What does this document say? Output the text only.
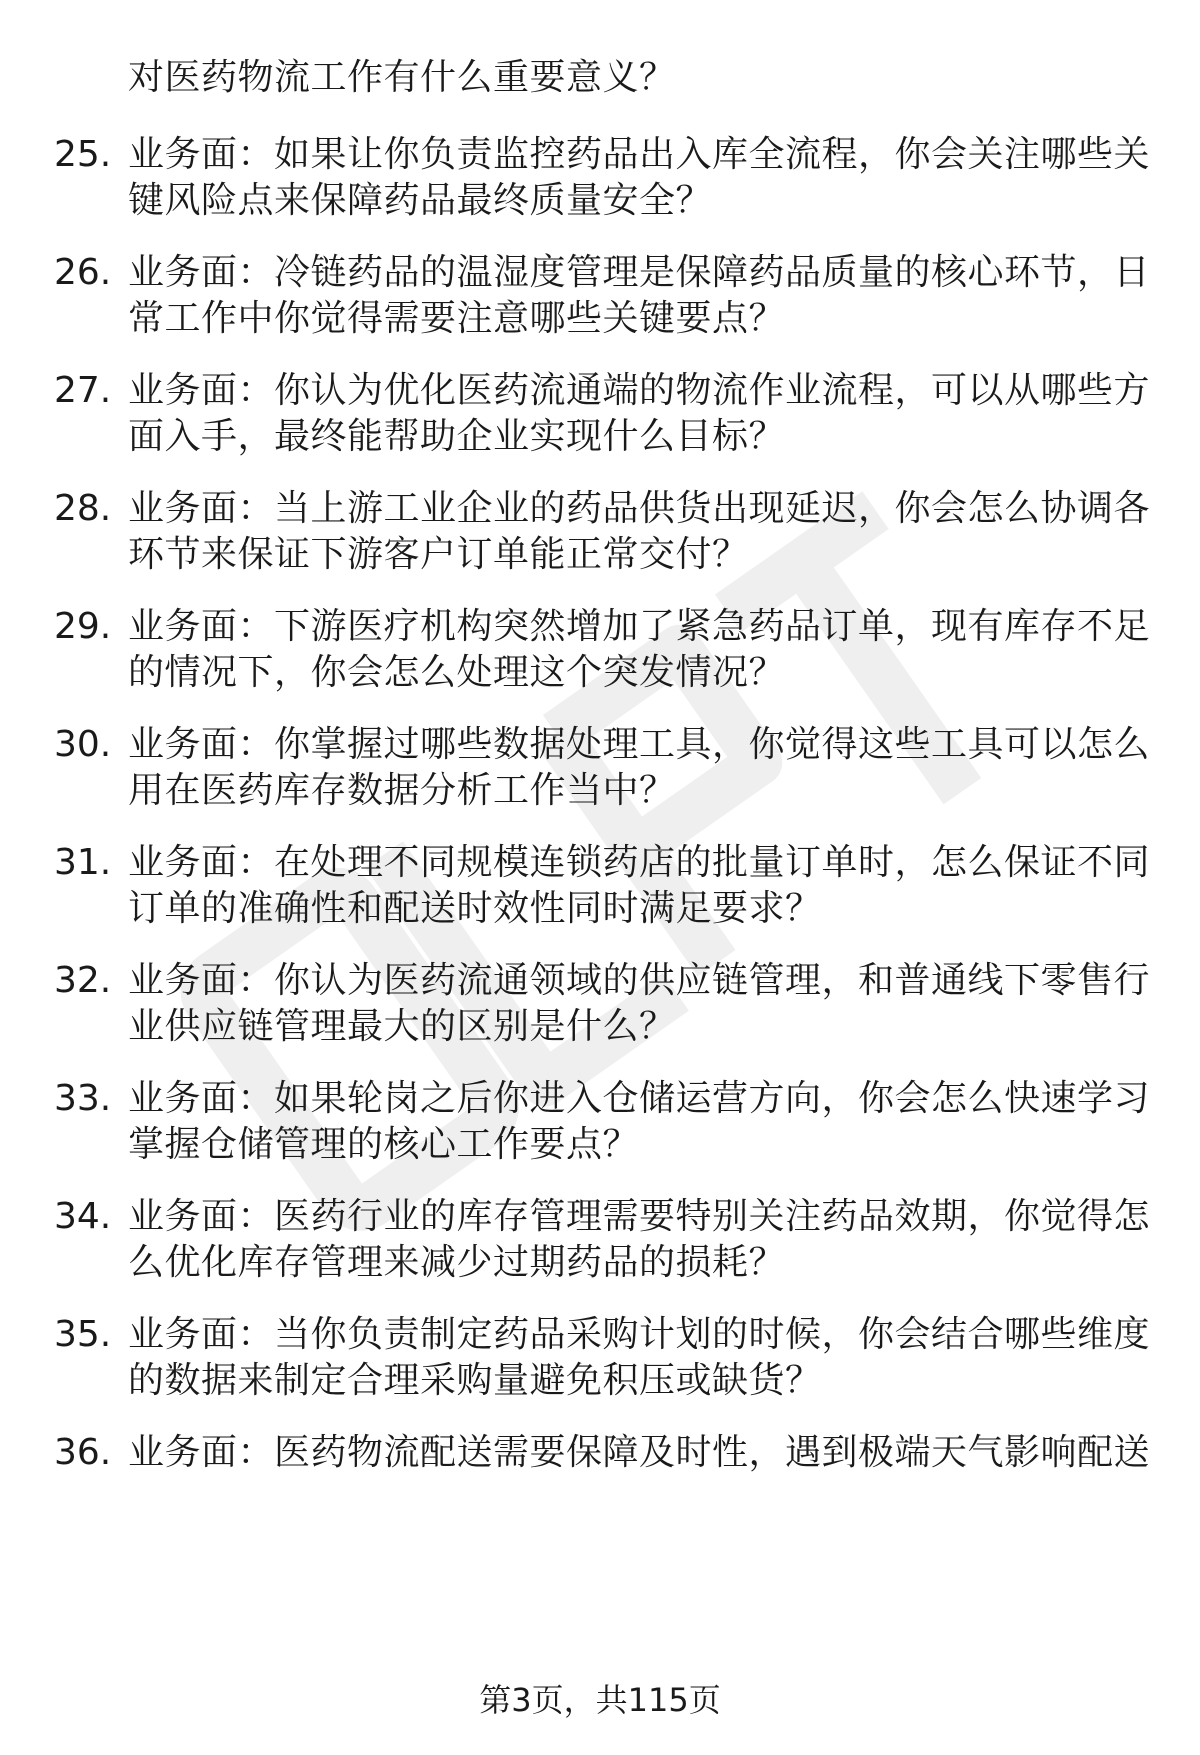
对医药物流工作有什么重要意义？
25. 业务面：如果让你负责监控药品出入库全流程，你会关注哪些关
键风险点来保障药品最终质量安全？
26. 业务面：冷链药品的温湿度管理是保障药品质量的核心环节，日
常工作中你觉得需要注意哪些关键要点？
27. 业务面：你认为优化医药流通端的物流作业流程，可以从哪些方
面入手，最终能帮助企业实现什么目标？
28. 业务面：当上游工业企业的药品供货出现延迟，你会怎么协调各
环节来保证下游客户订单能正常交付？
29. 业务面：下游医疗机构突然增加了紧急药品订单，现有库存不足
的情况下，你会怎么处理这个突发情况？
30. 业务面：你掌握过哪些数据处理工具，你觉得这些工具可以怎么
用在医药库存数据分析工作当中？
31. 业务面：在处理不同规模连锁药店的批量订单时，怎么保证不同
订单的准确性和配送时效性同时满足要求？
32. 业务面：你认为医药流通领域的供应链管理，和普通线下零售行
业供应链管理最大的区别是什么？
33. 业务面：如果轮岗之后你进入仓储运营方向，你会怎么快速学习
掌握仓储管理的核心工作要点？
34. 业务面：医药行业的库存管理需要特别关注药品效期，你觉得怎
么优化库存管理来减少过期药品的损耗？
35. 业务面：当你负责制定药品采购计划的时候，你会结合哪些维度
的数据来制定合理采购量避免积压或缺货？
36. 业务面：医药物流配送需要保障及时性，遇到极端天气影响配送
第3页，共115页
